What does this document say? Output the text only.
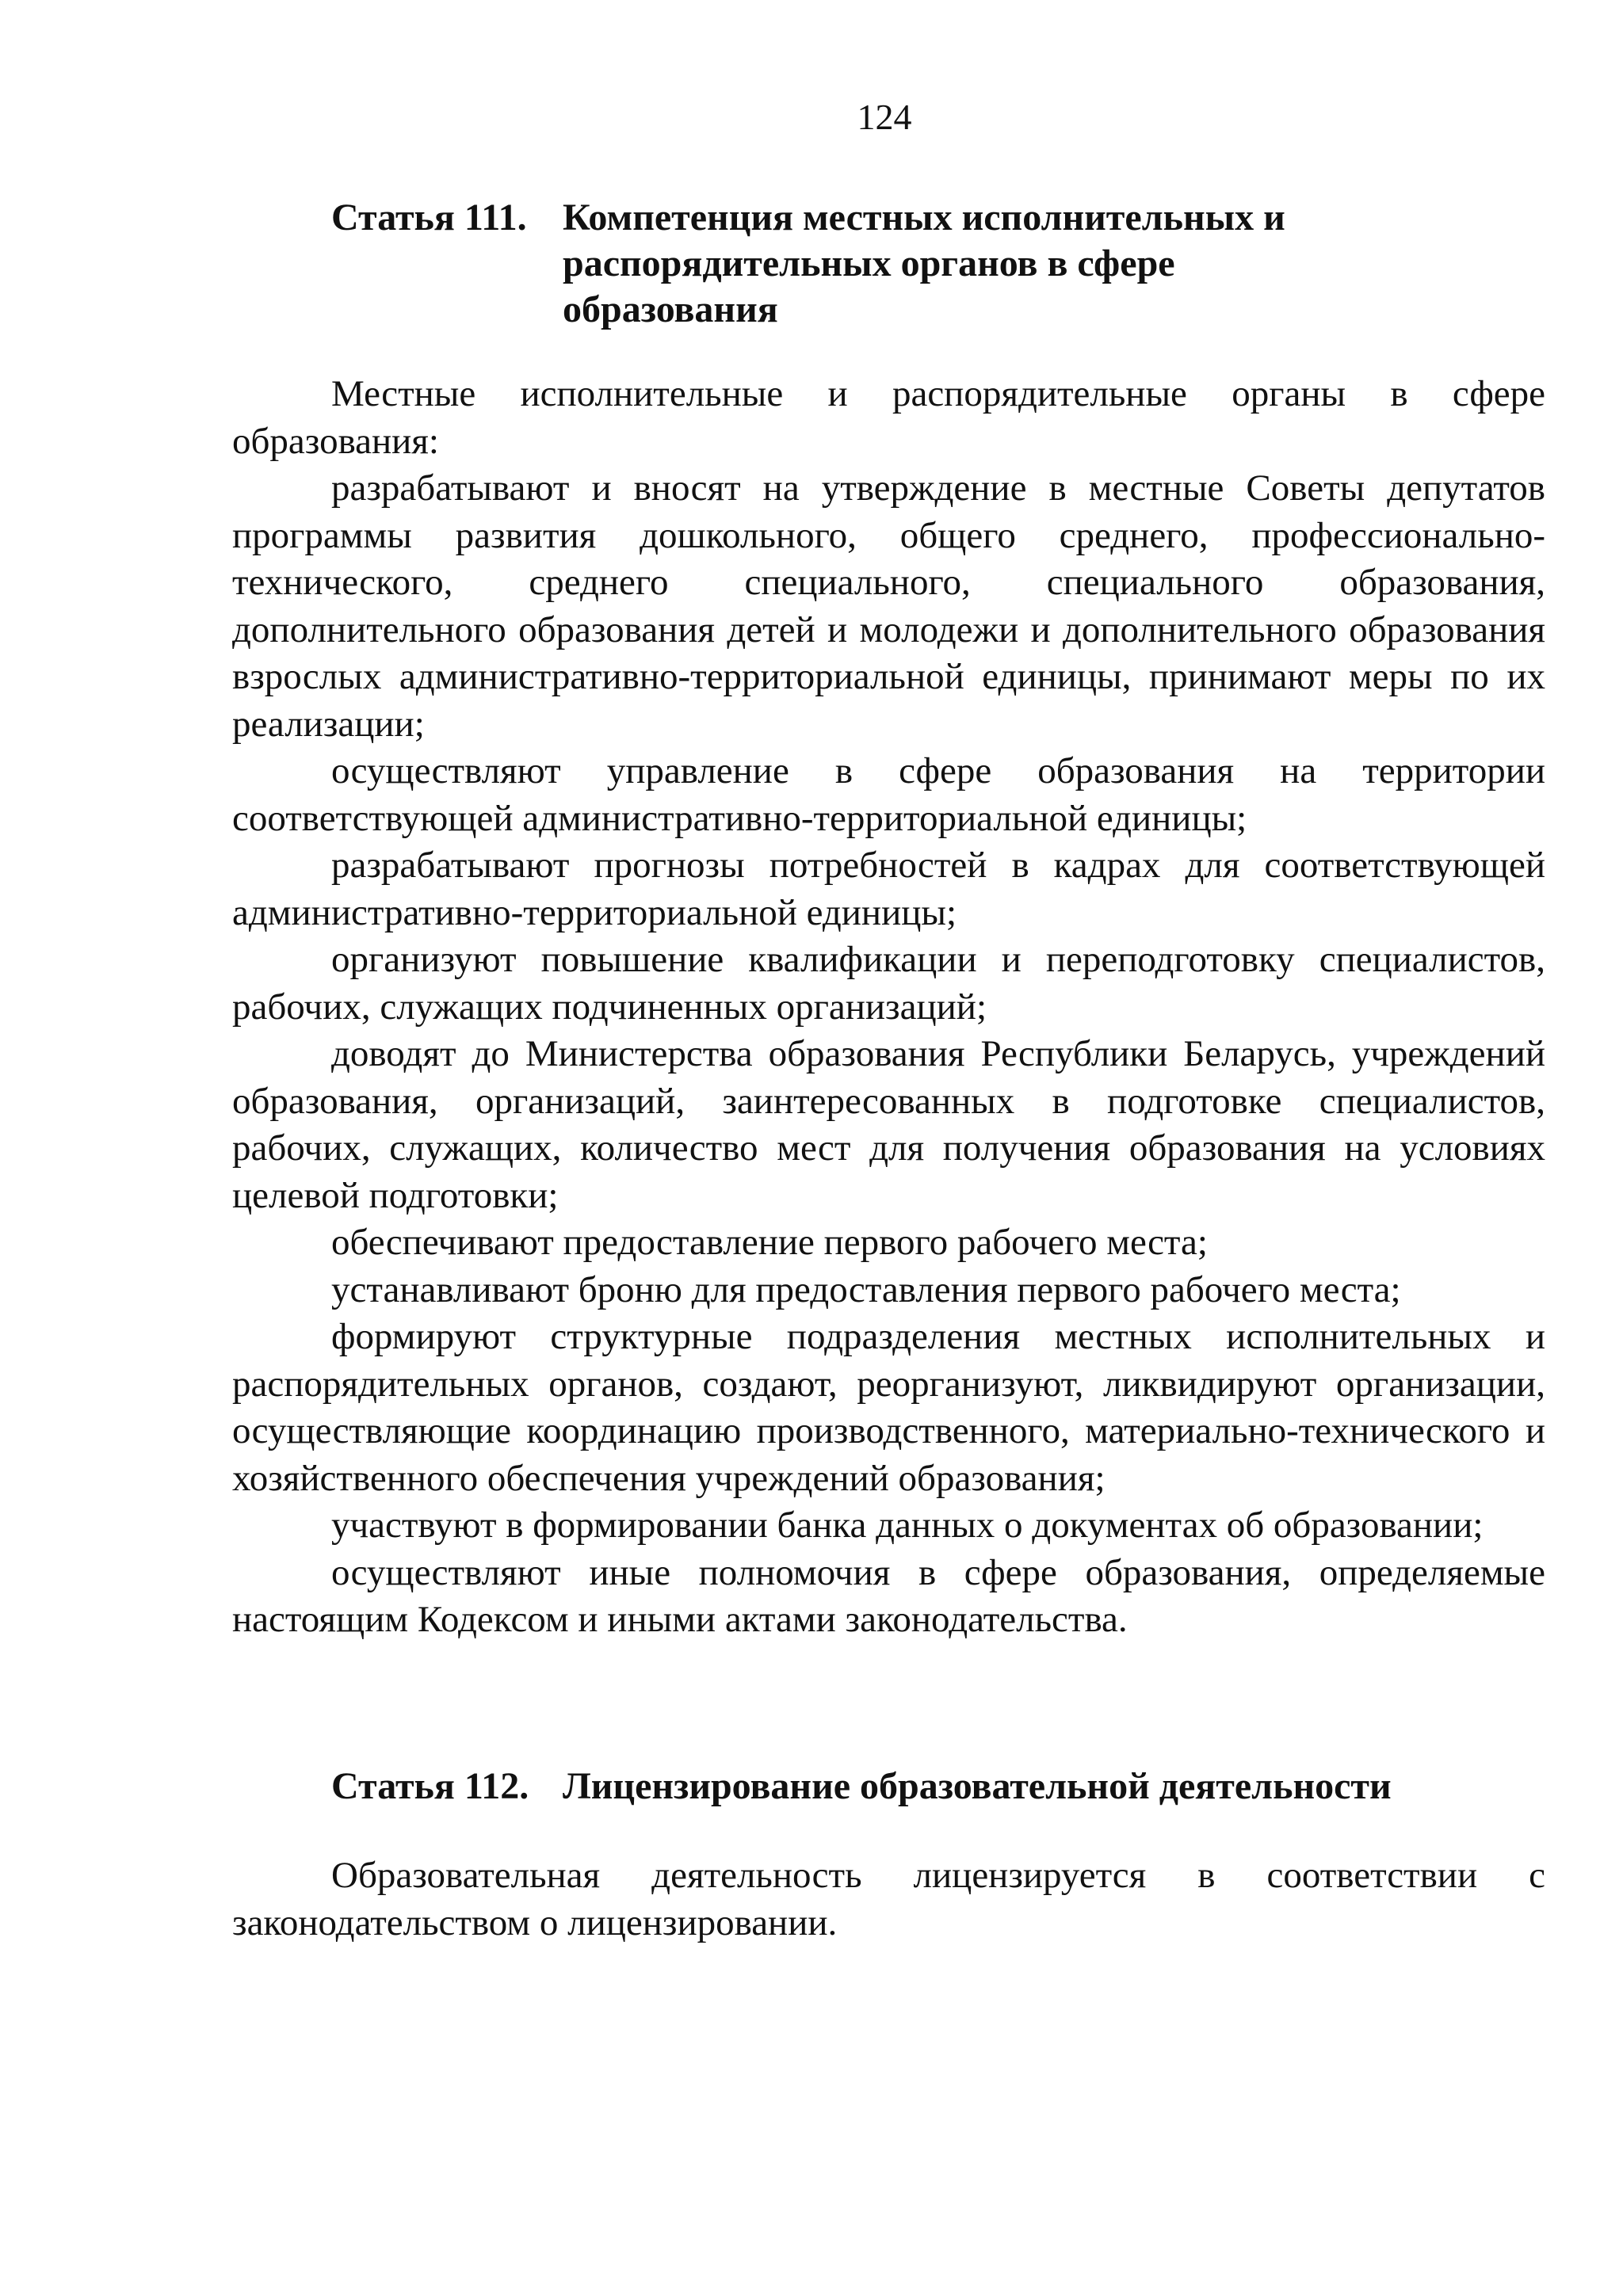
124
Статья 111. Компетенция местных исполнительных и распорядительных органов в сфере образования

Местные исполнительные и распорядительные органы в сфере образования:

разрабатывают и вносят на утверждение в местные Советы депутатов программы развития дошкольного, общего среднего, профессионально-технического, среднего специального, специального образования, дополнительного образования детей и молодежи и дополнительного образования взрослых административно-территориальной единицы, принимают меры по их реализации;

осуществляют управление в сфере образования на территории соответствующей административно-территориальной единицы;

разрабатывают прогнозы потребностей в кадрах для соответствующей административно-территориальной единицы;

организуют повышение квалификации и переподготовку специалистов, рабочих, служащих подчиненных организаций;

доводят до Министерства образования Республики Беларусь, учреждений образования, организаций, заинтересованных в подготовке специалистов, рабочих, служащих, количество мест для получения образования на условиях целевой подготовки;

обеспечивают предоставление первого рабочего места;

устанавливают броню для предоставления первого рабочего места;

формируют структурные подразделения местных исполнительных и распорядительных органов, создают, реорганизуют, ликвидируют организации, осуществляющие координацию производственного, материально-технического и хозяйственного обеспечения учреждений образования;

участвуют в формировании банка данных о документах об образовании;

осуществляют иные полномочия в сфере образования, определяемые настоящим Кодексом и иными актами законодательства.

Статья 112. Лицензирование образовательной деятельности

Образовательная деятельность лицензируется в соответствии с законодательством о лицензировании.
